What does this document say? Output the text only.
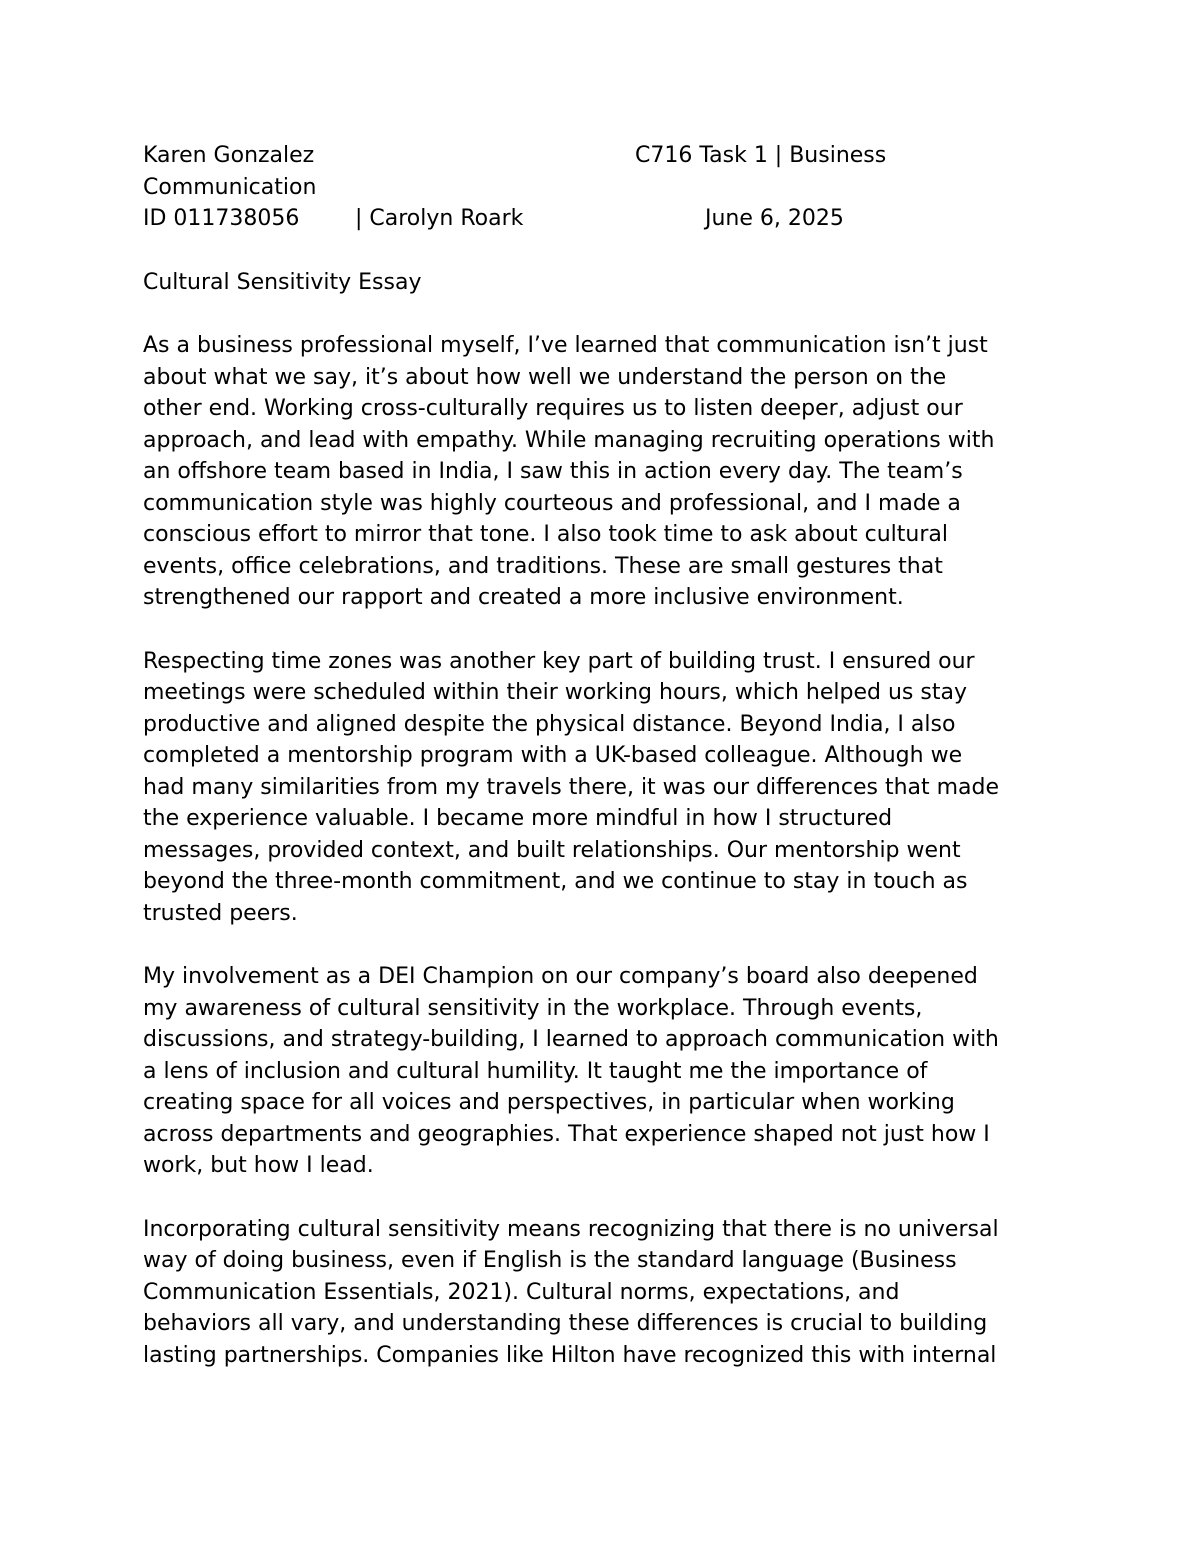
Karen Gonzalez

	C716 Task 1 | Business

Communication

ID 011738056

	| Carolyn Roark

	June 6, 2025

Cultural Sensitivity Essay

As a business professional myself, I’ve learned that communication isn’t just
about what we say, it’s about how well we understand the person on the
other end. Working cross-culturally requires us to listen deeper, adjust our
approach, and lead with empathy. While managing recruiting operations with
an offshore team based in India, I saw this in action every day. The team’s
communication style was highly courteous and professional, and I made a
conscious effort to mirror that tone. I also took time to ask about cultural
events, office celebrations, and traditions. These are small gestures that
strengthened our rapport and created a more inclusive environment.

Respecting time zones was another key part of building trust. I ensured our
meetings were scheduled within their working hours, which helped us stay
productive and aligned despite the physical distance. Beyond India, I also
completed a mentorship program with a UK-based colleague. Although we
had many similarities from my travels there, it was our differences that made
the experience valuable. I became more mindful in how I structured
messages, provided context, and built relationships. Our mentorship went
beyond the three-month commitment, and we continue to stay in touch as
trusted peers.

My involvement as a DEI Champion on our company’s board also deepened
my awareness of cultural sensitivity in the workplace. Through events,
discussions, and strategy-building, I learned to approach communication with
a lens of inclusion and cultural humility. It taught me the importance of
creating space for all voices and perspectives, in particular when working
across departments and geographies. That experience shaped not just how I
work, but how I lead.

Incorporating cultural sensitivity means recognizing that there is no universal
way of doing business, even if English is the standard language (Business
Communication Essentials, 2021). Cultural norms, expectations, and
behaviors all vary, and understanding these differences is crucial to building
lasting partnerships. Companies like Hilton have recognized this with internal
